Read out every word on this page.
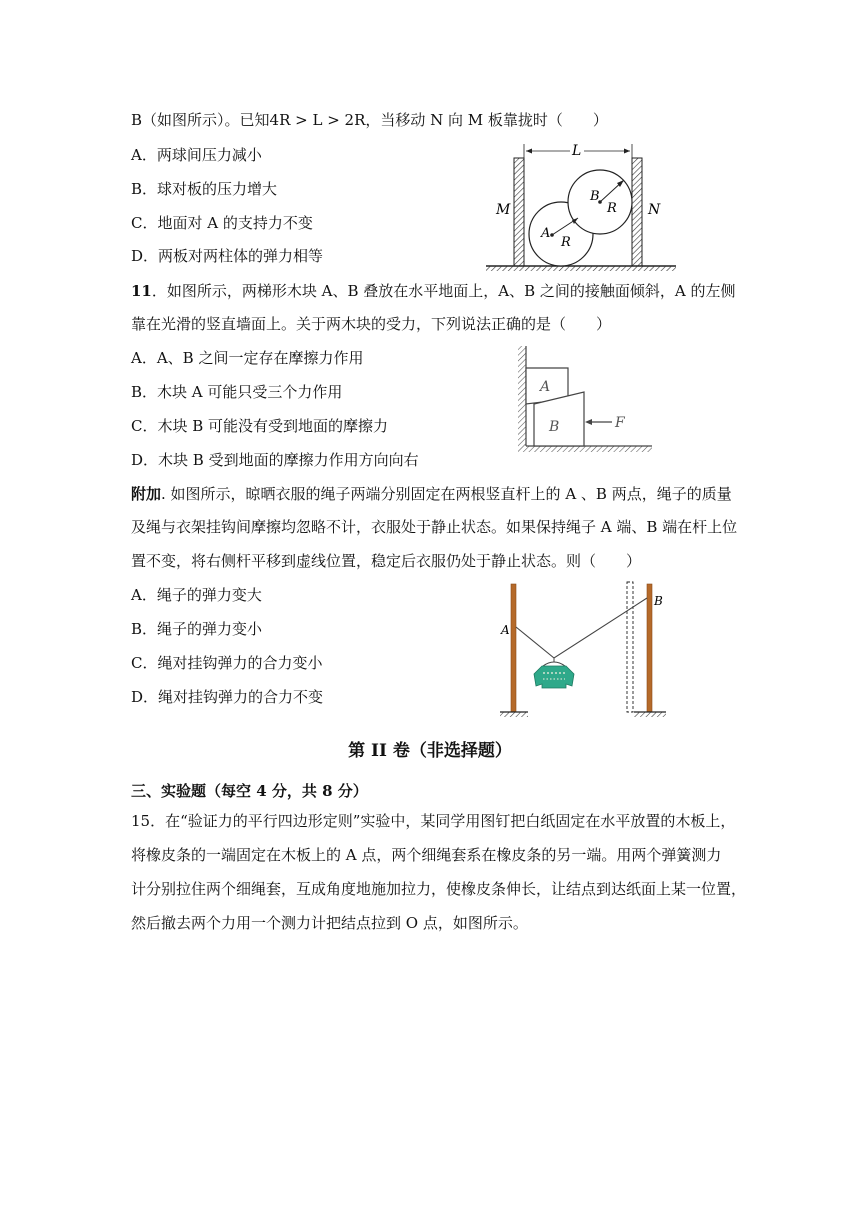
B（如图所示）。已知4R > L > 2R，当移动 N 向 M 板靠拢时（　　）
A．两球间压力减小
B．球对板的压力增大
C．地面对 A 的支持力不变
D．两板对两柱体的弹力相等
L
M	N
A
R
B
R
11．如图所示，两梯形木块 A、B 叠放在水平地面上，A、B 之间的接触面倾斜，A 的左侧
靠在光滑的竖直墙面上。关于两木块的受力，下列说法正确的是（　　）
A．A、B 之间一定存在摩擦力作用
B．木块 A 可能只受三个力作用
C．木块 B 可能没有受到地面的摩擦力
D．木块 B 受到地面的摩擦力作用方向向右
A
B	F
附加. 如图所示，晾晒衣服的绳子两端分别固定在两根竖直杆上的 A 、B 两点，绳子的质量
及绳与衣架挂钩间摩擦均忽略不计，衣服处于静止状态。如果保持绳子 A 端、B 端在杆上位
置不变，将右侧杆平移到虚线位置，稳定后衣服仍处于静止状态。则（　　）
A．绳子的弹力变大
B．绳子的弹力变小
C．绳对挂钩弹力的合力变小
D．绳对挂钩弹力的合力不变
A
B
第 II 卷（非选择题）
三、实验题（每空 4 分，共 8 分）
15．在“验证力的平行四边形定则”实验中，某同学用图钉把白纸固定在水平放置的木板上，
将橡皮条的一端固定在木板上的 A 点，两个细绳套系在橡皮条的另一端。用两个弹簧测力
计分别拉住两个细绳套，互成角度地施加拉力，使橡皮条伸长，让结点到达纸面上某一位置，
然后撤去两个力用一个测力计把结点拉到 O 点，如图所示。
